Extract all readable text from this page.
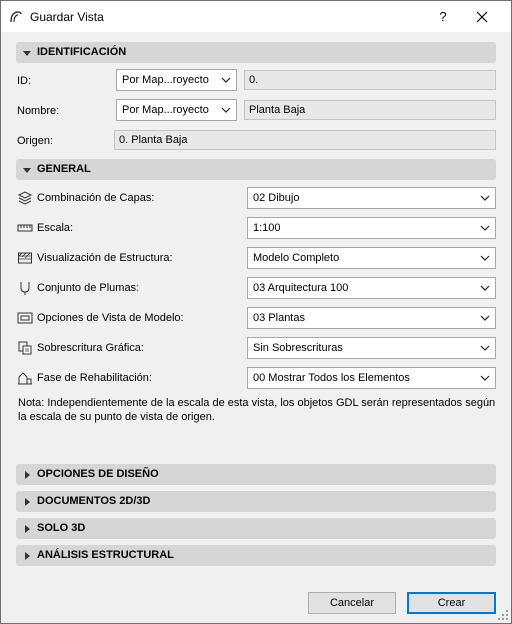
Guardar Vista	?
IDENTIFICACIÓN
ID:	Por Map...royecto	0.
Nombre:	Por Map...royecto	Planta Baja
Origen:	0. Planta Baja
GENERAL
Combinación de Capas:	02 Dibujo
Escala:	1:100
Visualización de Estructura:	Modelo Completo
Conjunto de Plumas:	03 Arquitectura 100
Opciones de Vista de Modelo:	03 Plantas
Sobrescritura Gráfica:	Sin Sobrescrituras
Fase de Rehabilitación:	00 Mostrar Todos los Elementos
Nota: Independientemente de la escala de esta vista, los objetos GDL serán representados según la escala de su punto de vista de origen.
OPCIONES DE DISEÑO
DOCUMENTOS 2D/3D
SOLO 3D
ANÁLISIS ESTRUCTURAL
Cancelar	Crear
